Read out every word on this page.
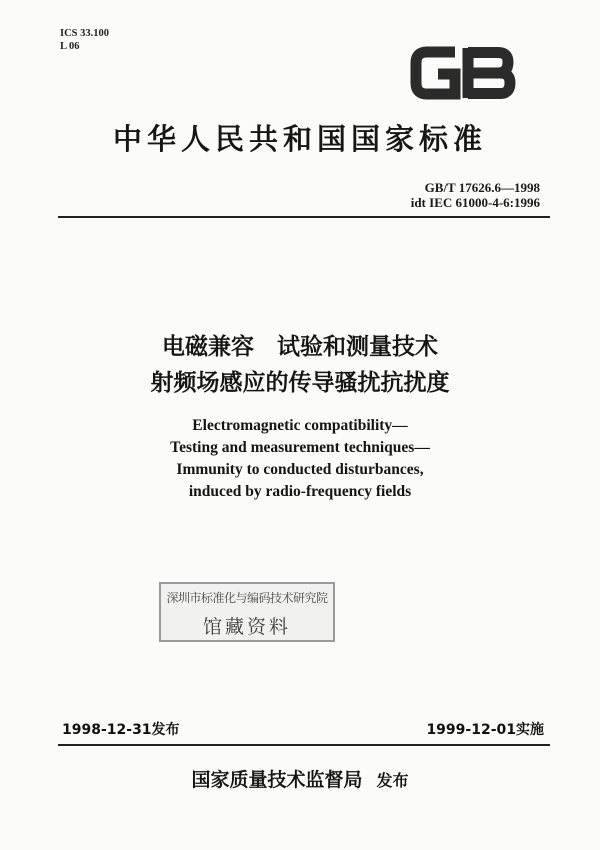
ICS 33.100
L 06
中华人民共和国国家标准
GB/T 17626.6—1998
idt IEC 61000-4-6:1996
电磁兼容　试验和测量技术
射频场感应的传导骚扰抗扰度
Electromagnetic compatibility—
Testing and measurement techniques—
Immunity to conducted disturbances,
induced by radio-frequency fields
深圳市标准化与编码技术研究院
馆藏资料
1998-12-31发布	1999-12-01实施
国家质量技术监督局 发布
